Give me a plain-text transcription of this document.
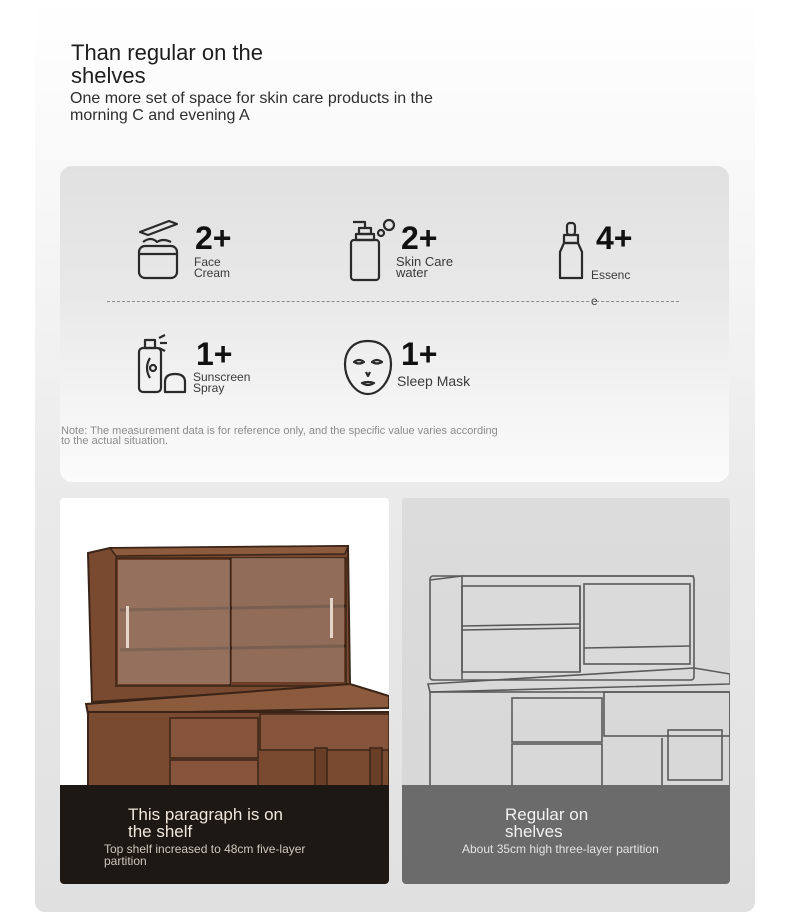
Than regular on the shelves
One more set of space for skin care products in the morning C and evening A
2+
Face Cream
2+
Skin Care water
4+
Essenc e
1+
Sunscreen Spray
1+
Sleep Mask
Note: The measurement data is for reference only, and the specific value varies according to the actual situation.
This paragraph is on the shelf
Top shelf increased to 48cm five-layer partition
Regular on shelves
About 35cm high three-layer partition
